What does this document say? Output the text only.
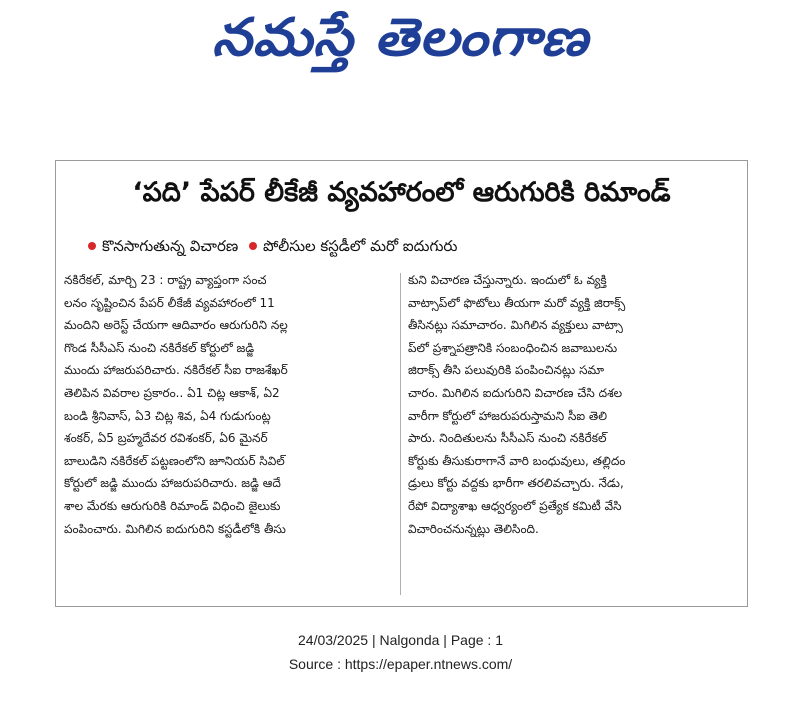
నమస్తే తెలంగాణ
‘పది’ పేపర్ లీకేజీ వ్యవహారంలో ఆరుగురికి రిమాండ్
కొనసాగుతున్న విచారణ పోలీసుల కస్టడీలో మరో ఐదుగురు
నకిరేకల్, మార్చి 23 : రాష్ట్ర వ్యాప్తంగా సంచ
లనం సృష్టించిన పేపర్ లీకేజీ వ్యవహారంలో 11
మందిని అరెస్ట్ చేయగా ఆదివారం ఆరుగురిని నల్ల
గొండ సీసీఎస్ నుంచి నకిరేకల్ కోర్టులో జడ్జి
ముందు హాజరుపరిచారు. నకిరేకల్ సీఐ రాజశేఖర్
తెలిపిన వివరాల ప్రకారం.. ఏ1 చిట్ల ఆకాశ్, ఏ2
బండి శ్రీనివాస్, ఏ3 చిట్ల శివ, ఏ4 గుడుగుంట్ల
శంకర్, ఏ5 బ్రహ్మదేవర రవిశంకర్, ఏ6 మైనర్
బాలుడిని నకిరేకల్ పట్టణంలోని జూనియర్ సివిల్
కోర్టులో జడ్జి ముందు హాజరుపరిచారు. జడ్జి ఆదే
శాల మేరకు ఆరుగురికి రిమాండ్ విధించి జైలుకు
పంపించారు. మిగిలిన ఐదుగురిని కస్టడీలోకి తీసు
కుని విచారణ చేస్తున్నారు. ఇందులో ఓ వ్యక్తి
వాట్సాప్‌లో ఫొటోలు తీయగా మరో వ్యక్తి జిరాక్స్
తీసినట్లు సమాచారం. మిగిలిన వ్యక్తులు వాట్సా
ప్‌లో ప్రశ్నాపత్రానికి సంబంధించిన జవాబులను
జిరాక్స్ తీసి పలువురికి పంపించినట్లు సమా
చారం. మిగిలిన ఐదుగురిని విచారణ చేసి దశల
వారీగా కోర్టులో హాజరుపరుస్తామని సీఐ తెలి
పారు. నిందితులను సీసీఎస్ నుంచి నకిరేకల్
కోర్టుకు తీసుకురాగానే వారి బంధువులు, తల్లిదం
డ్రులు కోర్టు వద్దకు భారీగా తరలివచ్చారు. నేడు,
రేపో విద్యాశాఖ ఆధ్వర్యంలో ప్రత్యేక కమిటీ వేసి
విచారించనున్నట్లు తెలిసింది.
24/03/2025 | Nalgonda | Page : 1
Source : https://epaper.ntnews.com/
